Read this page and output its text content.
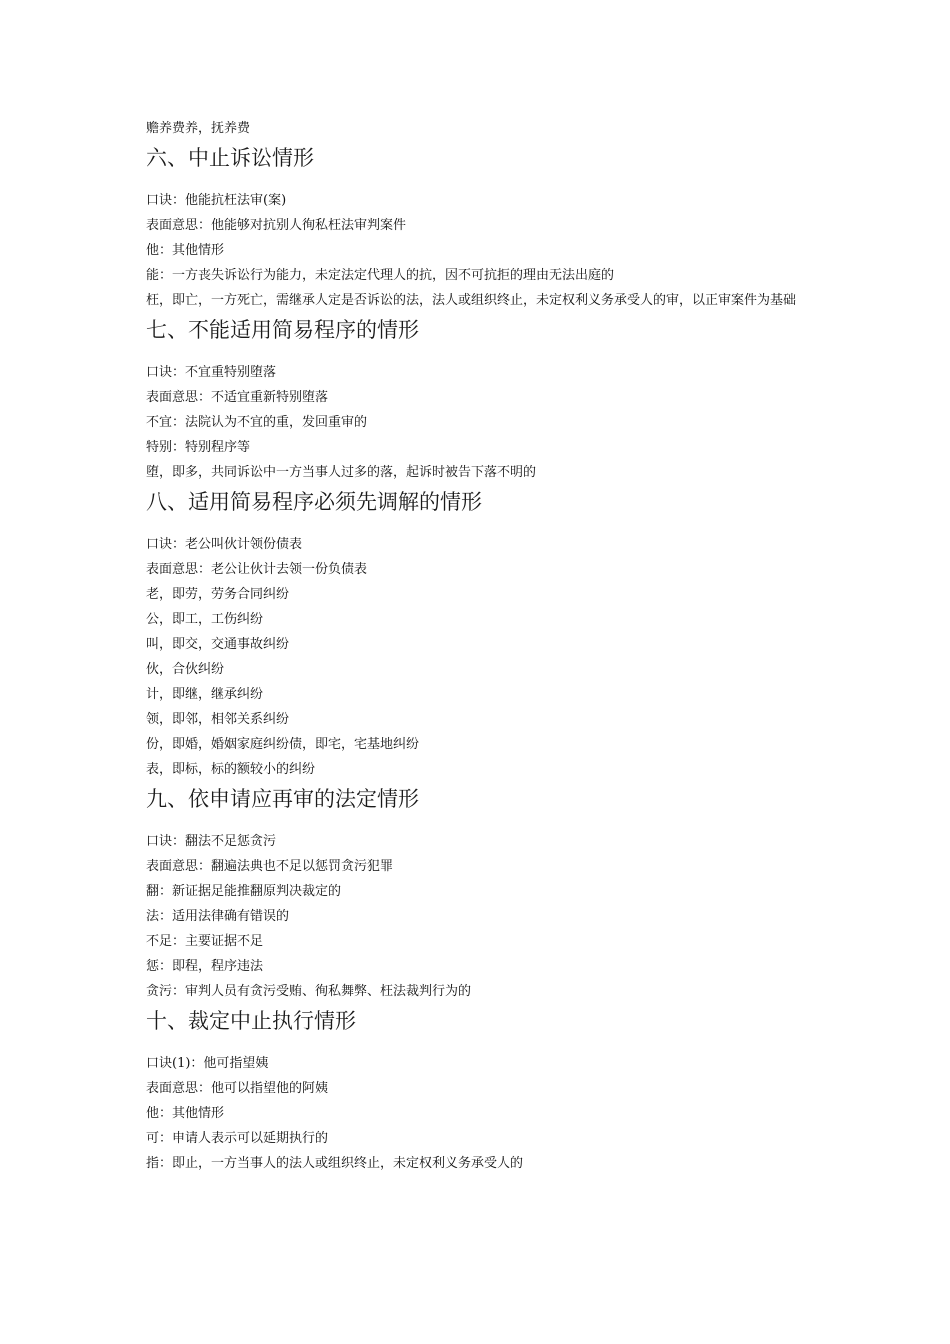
赡养费养，抚养费
六、中止诉讼情形
口诀：他能抗枉法审(案)
表面意思：他能够对抗别人徇私枉法审判案件
他：其他情形
能：一方丧失诉讼行为能力，未定法定代理人的抗，因不可抗拒的理由无法出庭的
枉，即亡，一方死亡，需继承人定是否诉讼的法，法人或组织终止，未定权利义务承受人的审，以正审案件为基础
七、不能适用简易程序的情形
口诀：不宜重特别堕落
表面意思：不适宜重新特别堕落
不宜：法院认为不宜的重，发回重审的
特别：特别程序等
堕，即多，共同诉讼中一方当事人过多的落，起诉时被告下落不明的
八、适用简易程序必须先调解的情形
口诀：老公叫伙计领份债表
表面意思：老公让伙计去领一份负债表
老，即劳，劳务合同纠纷
公，即工，工伤纠纷
叫，即交，交通事故纠纷
伙，合伙纠纷
计，即继，继承纠纷
领，即邻，相邻关系纠纷
份，即婚，婚姻家庭纠纷债，即宅，宅基地纠纷
表，即标，标的额较小的纠纷
九、依申请应再审的法定情形
口诀：翻法不足惩贪污
表面意思：翻遍法典也不足以惩罚贪污犯罪
翻：新证据足能推翻原判决裁定的
法：适用法律确有错误的
不足：主要证据不足
惩：即程，程序违法
贪污：审判人员有贪污受贿、徇私舞弊、枉法裁判行为的
十、裁定中止执行情形
口诀(1)：他可指望姨
表面意思：他可以指望他的阿姨
他：其他情形
可：申请人表示可以延期执行的
指：即止，一方当事人的法人或组织终止，未定权利义务承受人的
